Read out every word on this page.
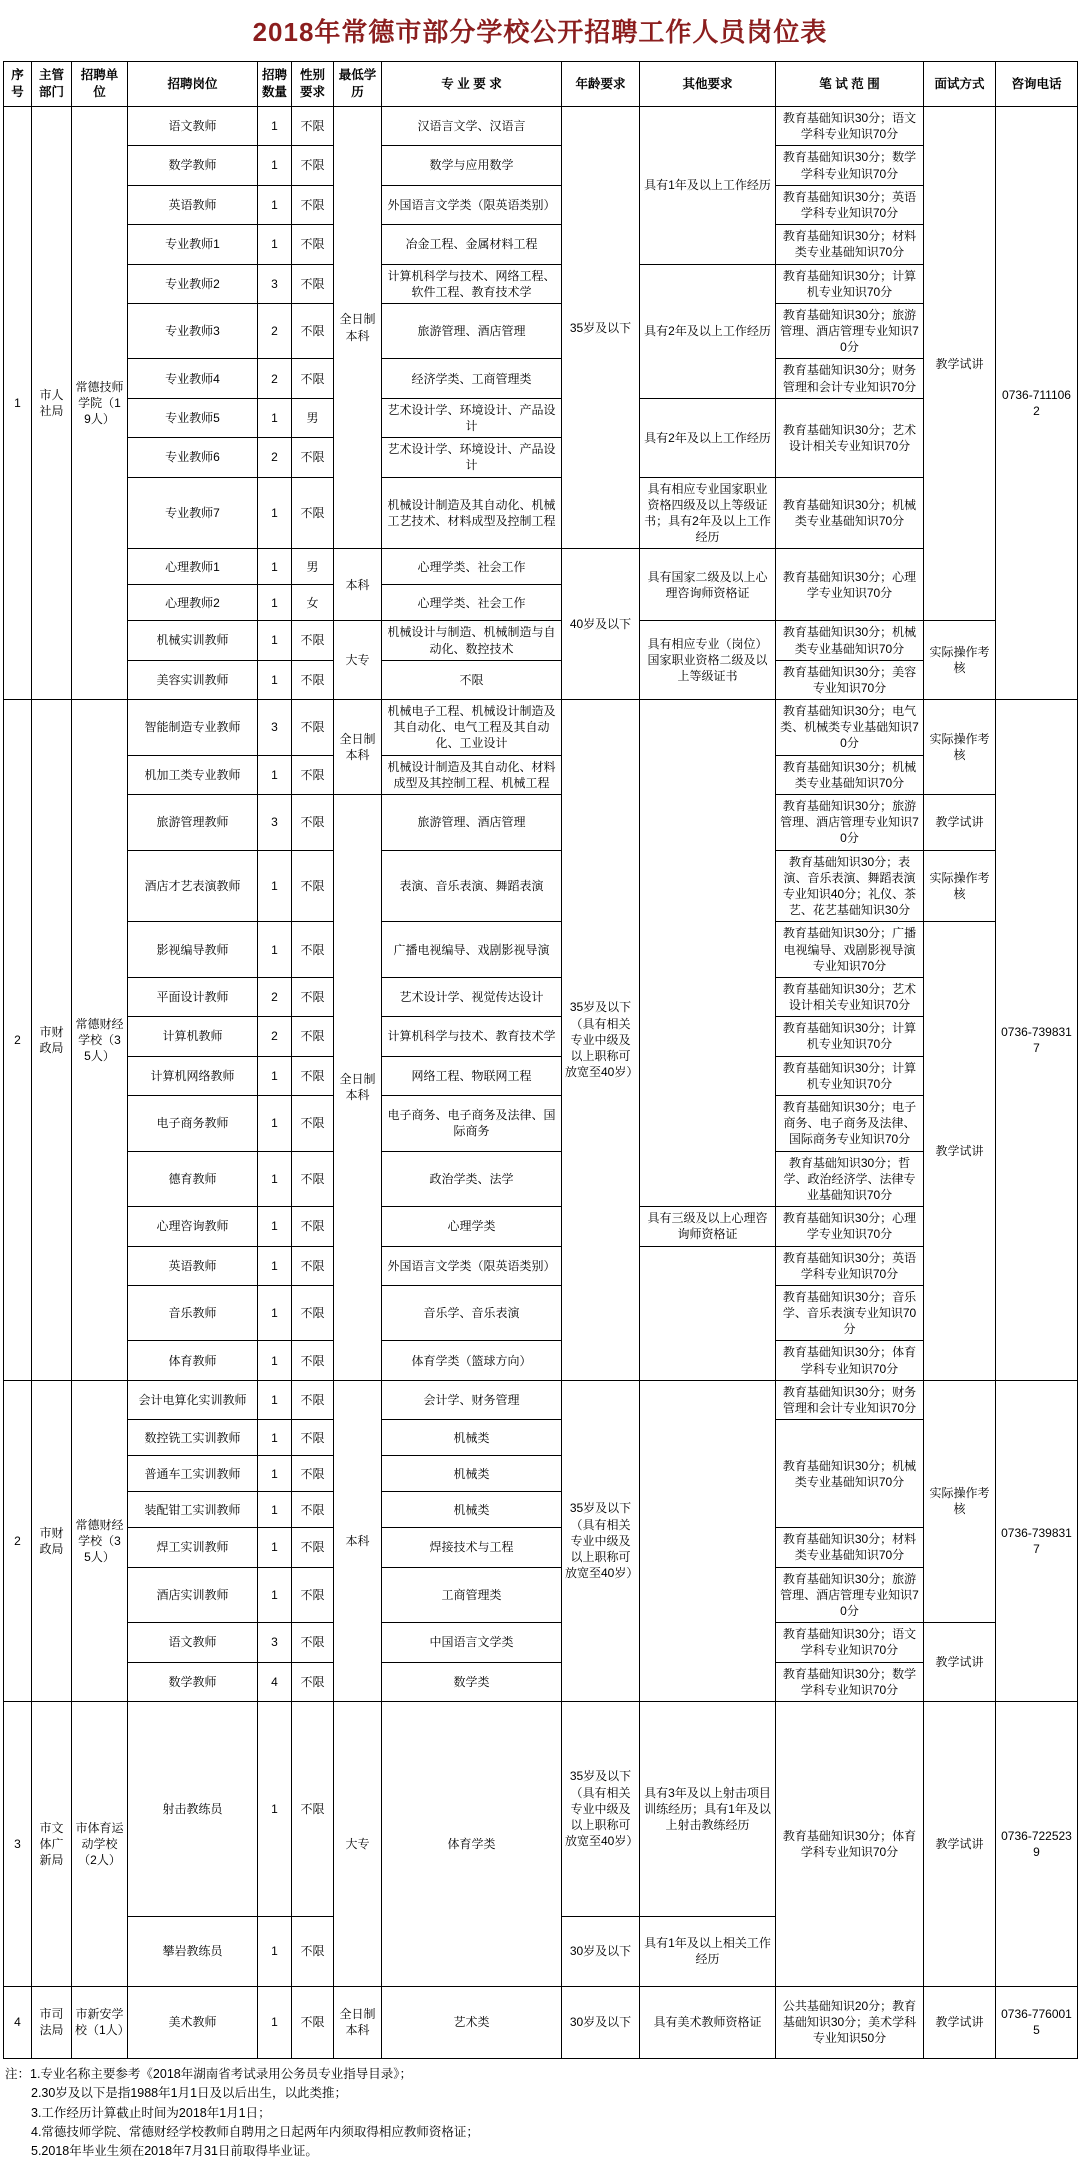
2018年常德市部分学校公开招聘工作人员岗位表
序号	主管部门	招聘单位	招聘岗位	招聘数量	性别要求	最低学历	专 业 要 求	年龄要求	其他要求	笔 试 范 围	面试方式	咨询电话
1	市人社局	常德技师学院（19人）	语文教师	1	不限	全日制本科	汉语言文学、汉语言	35岁及以下	具有1年及以上工作经历	教育基础知识30分；语文学科专业知识70分	教学试讲	0736-7111062
			数学教师	1	不限		数学与应用数学			教育基础知识30分；数学学科专业知识70分		
			英语教师	1	不限		外国语言文学类（限英语类别）			教育基础知识30分；英语学科专业知识70分		
			专业教师1	1	不限		冶金工程、金属材料工程			教育基础知识30分；材料类专业基础知识70分		
			专业教师2	3	不限		计算机科学与技术、网络工程、软件工程、教育技术学		具有2年及以上工作经历	教育基础知识30分；计算机专业知识70分		
			专业教师3	2	不限		旅游管理、酒店管理			教育基础知识30分；旅游管理、酒店管理专业知识70分		
			专业教师4	2	不限		经济学类、工商管理类			教育基础知识30分；财务管理和会计专业知识70分		
			专业教师5	1	男		艺术设计学、环境设计、产品设计		具有2年及以上工作经历	教育基础知识30分；艺术设计相关专业知识70分		
			专业教师6	2	不限		艺术设计学、环境设计、产品设计					
			专业教师7	1	不限		机械设计制造及其自动化、机械工艺技术、材料成型及控制工程		具有相应专业国家职业资格四级及以上等级证书；具有2年及以上工作经历	教育基础知识30分；机械类专业基础知识70分		
			心理教师1	1	男	本科	心理学类、社会工作	40岁及以下	具有国家二级及以上心理咨询师资格证	教育基础知识30分；心理学专业知识70分		
			心理教师2	1	女		心理学类、社会工作					
			机械实训教师	1	不限	大专	机械设计与制造、机械制造与自动化、数控技术		具有相应专业（岗位）国家职业资格二级及以上等级证书	教育基础知识30分；机械类专业基础知识70分	实际操作考核	
			美容实训教师	1	不限		不限			教育基础知识30分；美容专业知识70分		
2	市财政局	常德财经学校（35人）	智能制造专业教师	3	不限	全日制本科	机械电子工程、机械设计制造及其自动化、电气工程及其自动化、工业设计	35岁及以下（具有相关专业中级及以上职称可放宽至40岁）		教育基础知识30分；电气类、机械类专业基础知识70分	实际操作考核	0736-7398317
			机加工类专业教师	1	不限		机械设计制造及其自动化、材料成型及其控制工程、机械工程			教育基础知识30分；机械类专业基础知识70分		
			旅游管理教师	3	不限	全日制本科	旅游管理、酒店管理			教育基础知识30分；旅游管理、酒店管理专业知识70分	教学试讲	
			酒店才艺表演教师	1	不限		表演、音乐表演、舞蹈表演			教育基础知识30分；表演、音乐表演、舞蹈表演专业知识40分；礼仪、茶艺、花艺基础知识30分	实际操作考核	
			影视编导教师	1	不限		广播电视编导、戏剧影视导演			教育基础知识30分；广播电视编导、戏剧影视导演专业知识70分	教学试讲	
			平面设计教师	2	不限		艺术设计学、视觉传达设计			教育基础知识30分；艺术设计相关专业知识70分		
			计算机教师	2	不限		计算机科学与技术、教育技术学			教育基础知识30分；计算机专业知识70分		
			计算机网络教师	1	不限		网络工程、物联网工程			教育基础知识30分；计算机专业知识70分		
			电子商务教师	1	不限		电子商务、电子商务及法律、国际商务			教育基础知识30分；电子商务、电子商务及法律、国际商务专业知识70分		
			德育教师	1	不限		政治学类、法学			教育基础知识30分；哲学、政治经济学、法律专业基础知识70分		
			心理咨询教师	1	不限		心理学类		具有三级及以上心理咨询师资格证	教育基础知识30分；心理学专业知识70分		
			英语教师	1	不限		外国语言文学类（限英语类别）			教育基础知识30分；英语学科专业知识70分		
			音乐教师	1	不限		音乐学、音乐表演			教育基础知识30分；音乐学、音乐表演专业知识70分		
			体育教师	1	不限		体育学类（篮球方向）			教育基础知识30分；体育学科专业知识70分		
2	市财政局	常德财经学校（35人）	会计电算化实训教师	1	不限	本科	会计学、财务管理	35岁及以下（具有相关专业中级及以上职称可放宽至40岁）		教育基础知识30分；财务管理和会计专业知识70分	实际操作考核	0736-7398317
			数控铣工实训教师	1	不限		机械类			教育基础知识30分；机械类专业基础知识70分		
			普通车工实训教师	1	不限		机械类					
			装配钳工实训教师	1	不限		机械类					
			焊工实训教师	1	不限		焊接技术与工程			教育基础知识30分；材料类专业基础知识70分		
			酒店实训教师	1	不限		工商管理类			教育基础知识30分；旅游管理、酒店管理专业知识70分		
			语文教师	3	不限		中国语言文学类			教育基础知识30分；语文学科专业知识70分	教学试讲	
			数学教师	4	不限		数学类			教育基础知识30分；数学学科专业知识70分		
3	市文体广新局	市体育运动学校（2人）	射击教练员	1	不限	大专	体育学类	35岁及以下（具有相关专业中级及以上职称可放宽至40岁）	具有3年及以上射击项目训练经历；具有1年及以上射击教练经历	教育基础知识30分；体育学科专业知识70分	教学试讲	0736-7225239
			攀岩教练员	1	不限			30岁及以下	具有1年及以上相关工作经历			
4	市司法局	市新安学校（1人）	美术教师	1	不限	全日制本科	艺术类	30岁及以下	具有美术教师资格证	公共基础知识20分；教育基础知识30分；美术学科专业知识50分	教学试讲	0736-7760015
注：1.专业名称主要参考《2018年湖南省考试录用公务员专业指导目录》；
2.30岁及以下是指1988年1月1日及以后出生，以此类推；
3.工作经历计算截止时间为2018年1月1日；
4.常德技师学院、常德财经学校教师自聘用之日起两年内须取得相应教师资格证；
5.2018年毕业生须在2018年7月31日前取得毕业证。
